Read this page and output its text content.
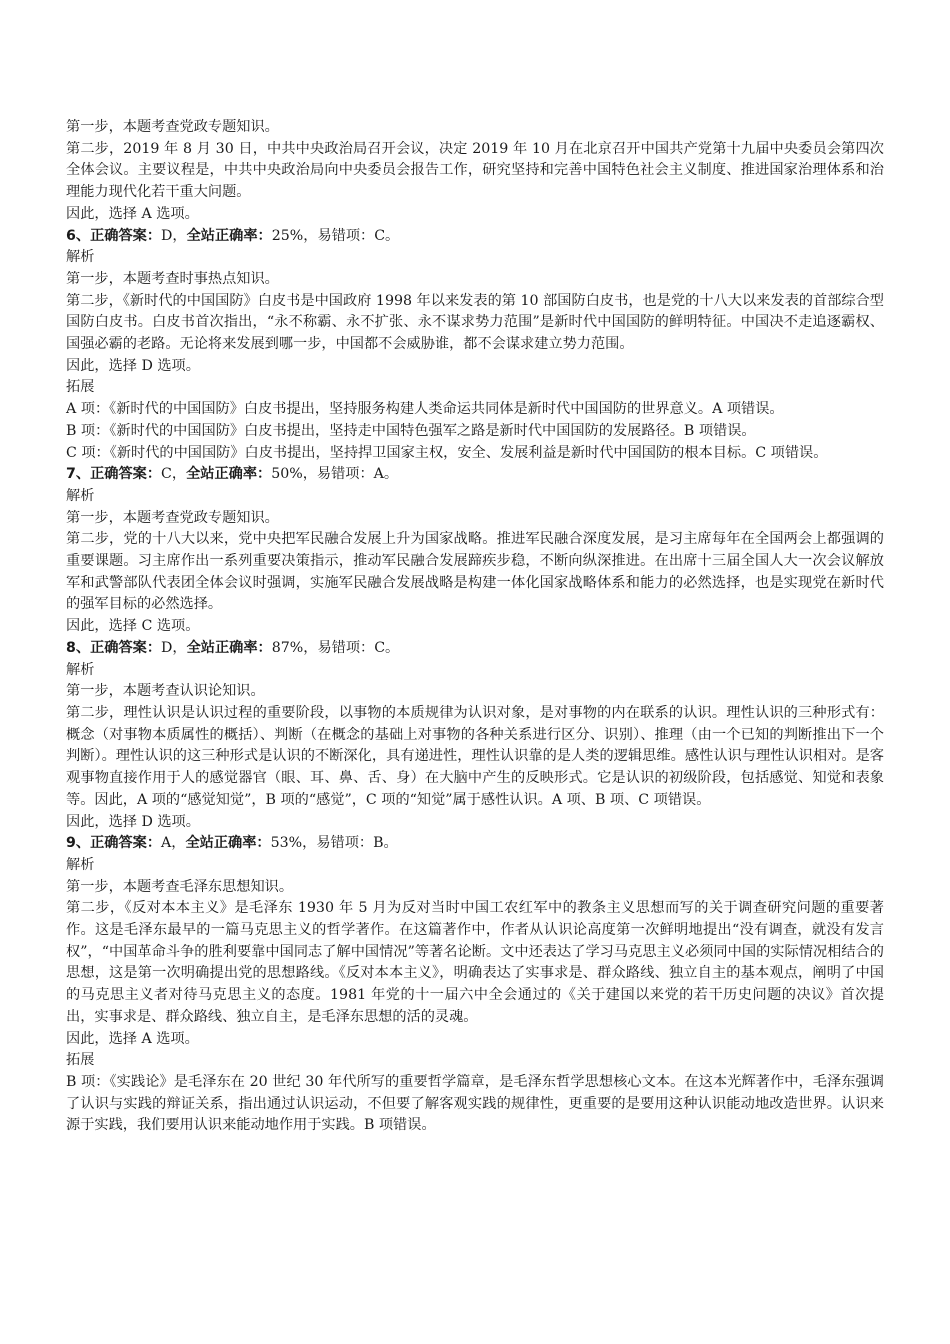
第一步，本题考查党政专题知识。

第二步，2019 年 8 月 30 日，中共中央政治局召开会议，决定 2019 年 10 月在北京召开中国共产党第十九届中央委员会第四次全体会议。主要议程是，中共中央政治局向中央委员会报告工作，研究坚持和完善中国特色社会主义制度、推进国家治理体系和治理能力现代化若干重大问题。

因此，选择 A 选项。

6、正确答案：D，全站正确率：25%，易错项：C。

解析

第一步，本题考查时事热点知识。

第二步，《新时代的中国国防》白皮书是中国政府 1998 年以来发表的第 10 部国防白皮书，也是党的十八大以来发表的首部综合型国防白皮书。白皮书首次指出，“永不称霸、永不扩张、永不谋求势力范围”是新时代中国国防的鲜明特征。中国决不走追逐霸权、国强必霸的老路。无论将来发展到哪一步，中国都不会威胁谁，都不会谋求建立势力范围。

因此，选择 D 选项。

拓展

A 项：《新时代的中国国防》白皮书提出，坚持服务构建人类命运共同体是新时代中国国防的世界意义。A 项错误。

B 项：《新时代的中国国防》白皮书提出，坚持走中国特色强军之路是新时代中国国防的发展路径。B 项错误。

C 项：《新时代的中国国防》白皮书提出，坚持捍卫国家主权，安全、发展利益是新时代中国国防的根本目标。C 项错误。

7、正确答案：C，全站正确率：50%，易错项：A。

解析

第一步，本题考查党政专题知识。

第二步，党的十八大以来，党中央把军民融合发展上升为国家战略。推进军民融合深度发展，是习主席每年在全国两会上都强调的重要课题。习主席作出一系列重要决策指示，推动军民融合发展蹄疾步稳，不断向纵深推进。在出席十三届全国人大一次会议解放军和武警部队代表团全体会议时强调，实施军民融合发展战略是构建一体化国家战略体系和能力的必然选择，也是实现党在新时代的强军目标的必然选择。

因此，选择 C 选项。

8、正确答案：D，全站正确率：87%，易错项：C。

解析

第一步，本题考查认识论知识。

第二步，理性认识是认识过程的重要阶段，以事物的本质规律为认识对象，是对事物的内在联系的认识。理性认识的三种形式有：概念（对事物本质属性的概括）、判断（在概念的基础上对事物的各种关系进行区分、识别）、推理（由一个已知的判断推出下一个判断）。理性认识的这三种形式是认识的不断深化，具有递进性，理性认识靠的是人类的逻辑思维。感性认识与理性认识相对。是客观事物直接作用于人的感觉器官（眼、耳、鼻、舌、身）在大脑中产生的反映形式。它是认识的初级阶段，包括感觉、知觉和表象等。因此，A 项的“感觉知觉”，B 项的“感觉”，C 项的“知觉”属于感性认识。A 项、B 项、C 项错误。

因此，选择 D 选项。

9、正确答案：A，全站正确率：53%，易错项：B。

解析

第一步，本题考查毛泽东思想知识。

第二步，《反对本本主义》是毛泽东 1930 年 5 月为反对当时中国工农红军中的教条主义思想而写的关于调查研究问题的重要著作。这是毛泽东最早的一篇马克思主义的哲学著作。在这篇著作中，作者从认识论高度第一次鲜明地提出“没有调查，就没有发言权”，“中国革命斗争的胜利要靠中国同志了解中国情况”等著名论断。文中还表达了学习马克思主义必须同中国的实际情况相结合的思想，这是第一次明确提出党的思想路线。《反对本本主义》，明确表达了实事求是、群众路线、独立自主的基本观点，阐明了中国的马克思主义者对待马克思主义的态度。1981 年党的十一届六中全会通过的《关于建国以来党的若干历史问题的决议》首次提出，实事求是、群众路线、独立自主，是毛泽东思想的活的灵魂。

因此，选择 A 选项。

拓展

B 项：《实践论》是毛泽东在 20 世纪 30 年代所写的重要哲学篇章，是毛泽东哲学思想核心文本。在这本光辉著作中，毛泽东强调了认识与实践的辩证关系，指出通过认识运动，不但要了解客观实践的规律性，更重要的是要用这种认识能动地改造世界。认识来源于实践，我们要用认识来能动地作用于实践。B 项错误。
